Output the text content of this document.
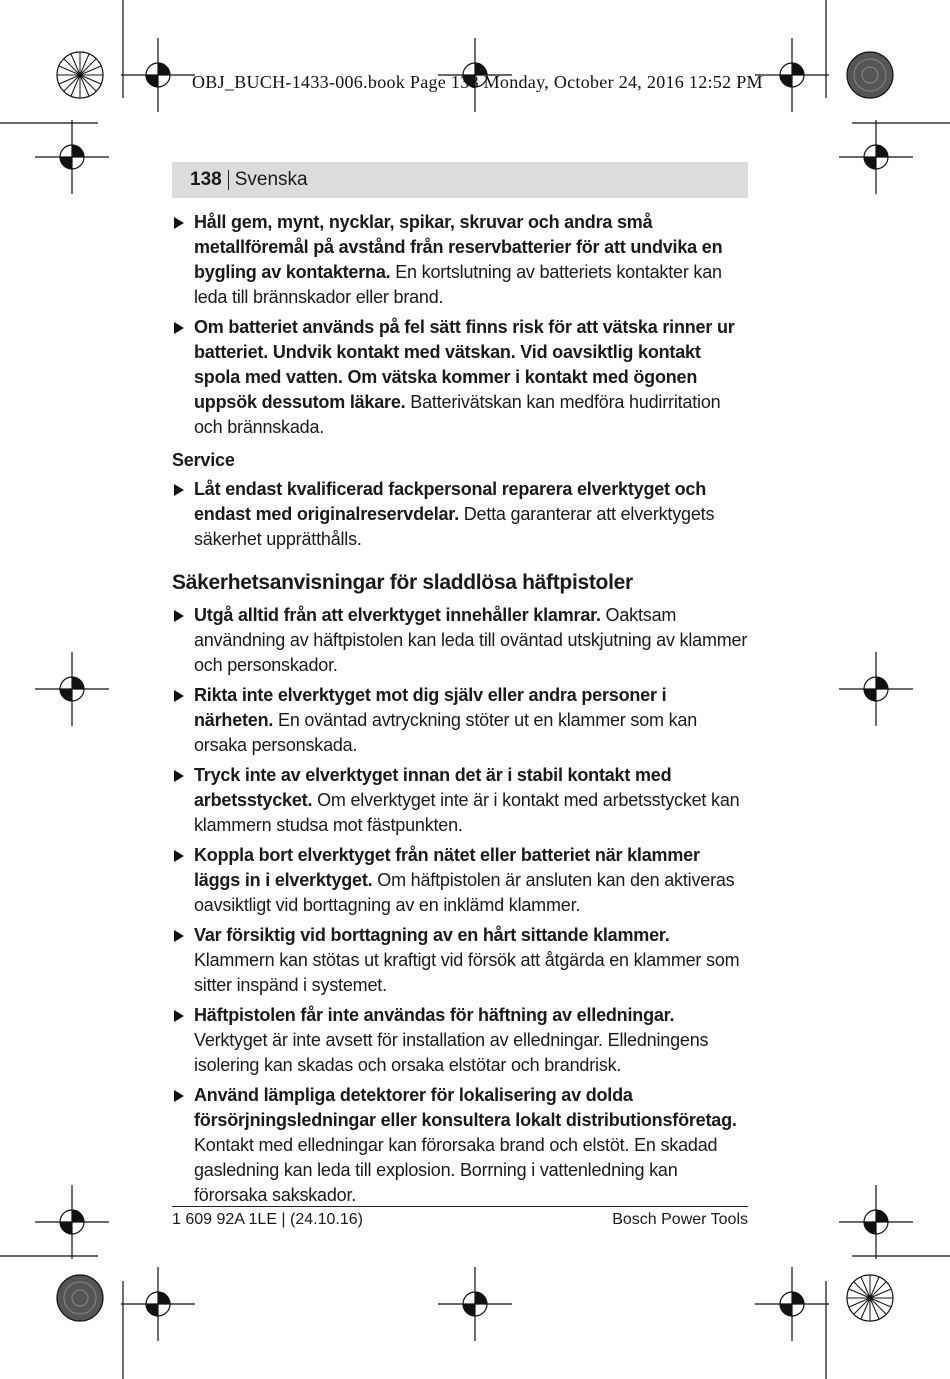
OBJ_BUCH-1433-006.book Page 138 Monday, October 24, 2016 12:52 PM
138 Svenska
Håll gem, mynt, nycklar, spikar, skruvar och andra små metallföremål på avstånd från reservbatterier för att undvika en bygling av kontakterna. En kortslutning av batteriets kontakter kan leda till brännskador eller brand.
Om batteriet används på fel sätt finns risk för att vätska rinner ur batteriet. Undvik kontakt med vätskan. Vid oavsiktlig kontakt spola med vatten. Om vätska kommer i kontakt med ögonen uppsök dessutom läkare. Batterivätskan kan medföra hudirritation och brännskada.
Service
Låt endast kvalificerad fackpersonal reparera elverktyget och endast med originalreservdelar. Detta garanterar att elverktygets säkerhet upprätthålls.
Säkerhetsanvisningar för sladdlösa häftpistoler
Utgå alltid från att elverktyget innehåller klamrar. Oaktsam användning av häftpistolen kan leda till oväntad utskjutning av klammer och personskador.
Rikta inte elverktyget mot dig själv eller andra personer i närheten. En oväntad avtryckning stöter ut en klammer som kan orsaka personskada.
Tryck inte av elverktyget innan det är i stabil kontakt med arbetsstycket. Om elverktyget inte är i kontakt med arbetsstycket kan klammern studsa mot fästpunkten.
Koppla bort elverktyget från nätet eller batteriet när klammer läggs in i elverktyget. Om häftpistolen är ansluten kan den aktiveras oavsiktligt vid borttagning av en inklämd klammer.
Var försiktig vid borttagning av en hårt sittande klammer. Klammern kan stötas ut kraftigt vid försök att åtgärda en klammer som sitter inspänd i systemet.
Häftpistolen får inte användas för häftning av elledningar. Verktyget är inte avsett för installation av elledningar. Elledningens isolering kan skadas och orsaka elstötar och brandrisk.
Använd lämpliga detektorer för lokalisering av dolda försörjningsledningar eller konsultera lokalt distributionsföretag. Kontakt med elledningar kan förorsaka brand och elstöt. En skadad gasledning kan leda till explosion. Borrning i vattenledning kan förorsaka sakskador.
1 609 92A 1LE | (24.10.16)	Bosch Power Tools
